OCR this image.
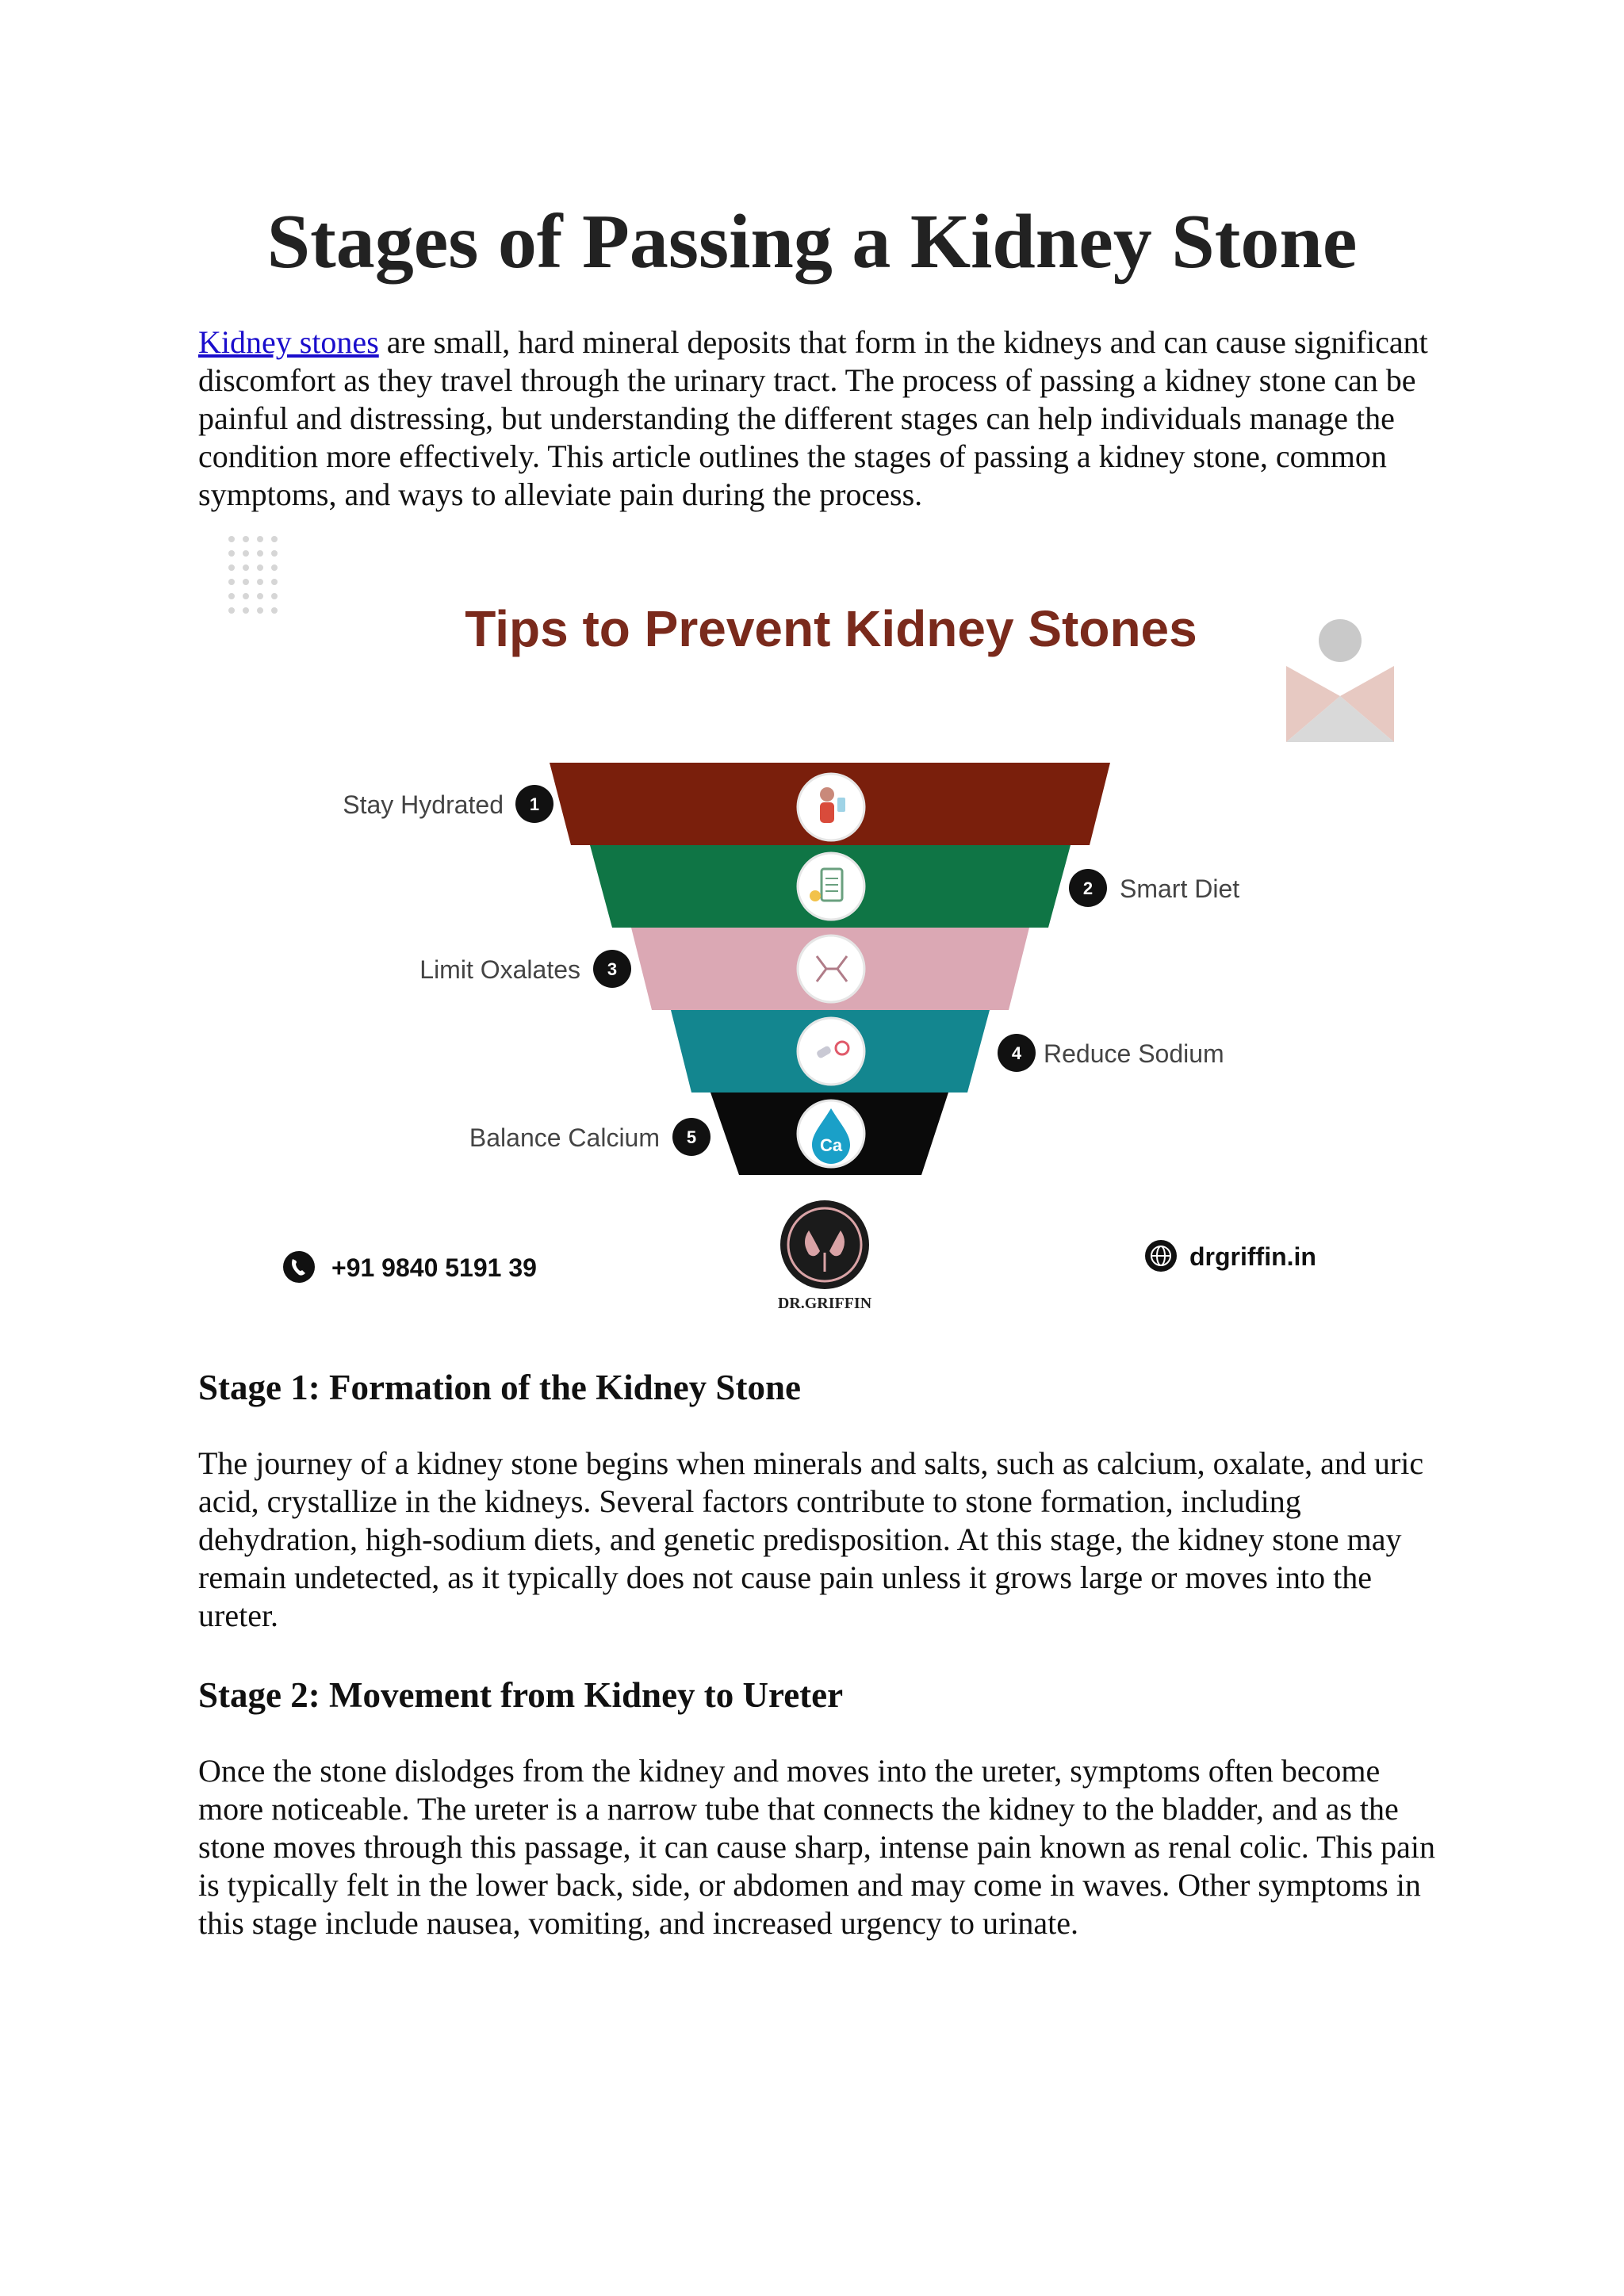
Stages of Passing a Kidney Stone

Kidney stones are small, hard mineral deposits that form in the kidneys and can cause significant discomfort as they travel through the urinary tract. The process of passing a kidney stone can be painful and distressing, but understanding the different stages can help individuals manage the condition more effectively. This article outlines the stages of passing a kidney stone, common symptoms, and ways to alleviate pain during the process.

Tips to Prevent Kidney Stones
Ca
Stay Hydrated 1
2 Smart Diet
Limit Oxalates 3
4 Reduce Sodium
Balance Calcium 5
+91 9840 5191 39
DR.GRIFFIN
drgriffin.in
Stage 1: Formation of the Kidney Stone

The journey of a kidney stone begins when minerals and salts, such as calcium, oxalate, and uric acid, crystallize in the kidneys. Several factors contribute to stone formation, including dehydration, high-sodium diets, and genetic predisposition. At this stage, the kidney stone may remain undetected, as it typically does not cause pain unless it grows large or moves into the ureter.

Stage 2: Movement from Kidney to Ureter

Once the stone dislodges from the kidney and moves into the ureter, symptoms often become more noticeable. The ureter is a narrow tube that connects the kidney to the bladder, and as the stone moves through this passage, it can cause sharp, intense pain known as renal colic. This pain is typically felt in the lower back, side, or abdomen and may come in waves. Other symptoms in this stage include nausea, vomiting, and increased urgency to urinate.
